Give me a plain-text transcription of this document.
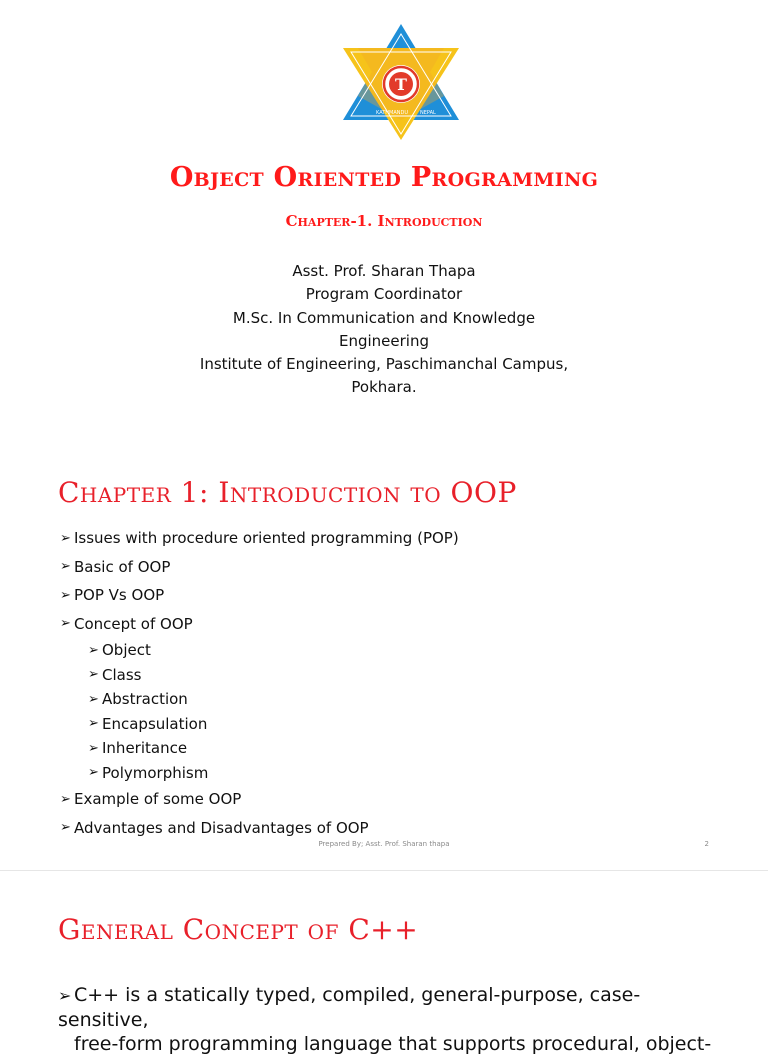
T
KATHMANDU NEPAL
Object Oriented Programming
Chapter-1. Introduction
Asst. Prof. Sharan Thapa
Program Coordinator
M.Sc. In Communication and Knowledge
Engineering
Institute of Engineering, Paschimanchal Campus,
Pokhara.
Chapter 1: Introduction to OOP
➢ Issues with procedure oriented programming (POP)
➢ Basic of OOP
➢ POP Vs OOP
➢ Concept of OOP
➢ Object
➢ Class
➢ Abstraction
➢ Encapsulation
➢ Inheritance
➢ Polymorphism
➢ Example of some OOP
➢ Advantages and Disadvantages of OOP
Prepared By; Asst. Prof. Sharan thapa	2
General Concept of C++
➢ C++ is a statically typed, compiled, general-purpose, case-sensitive,
free-form programming language that supports procedural, object-
